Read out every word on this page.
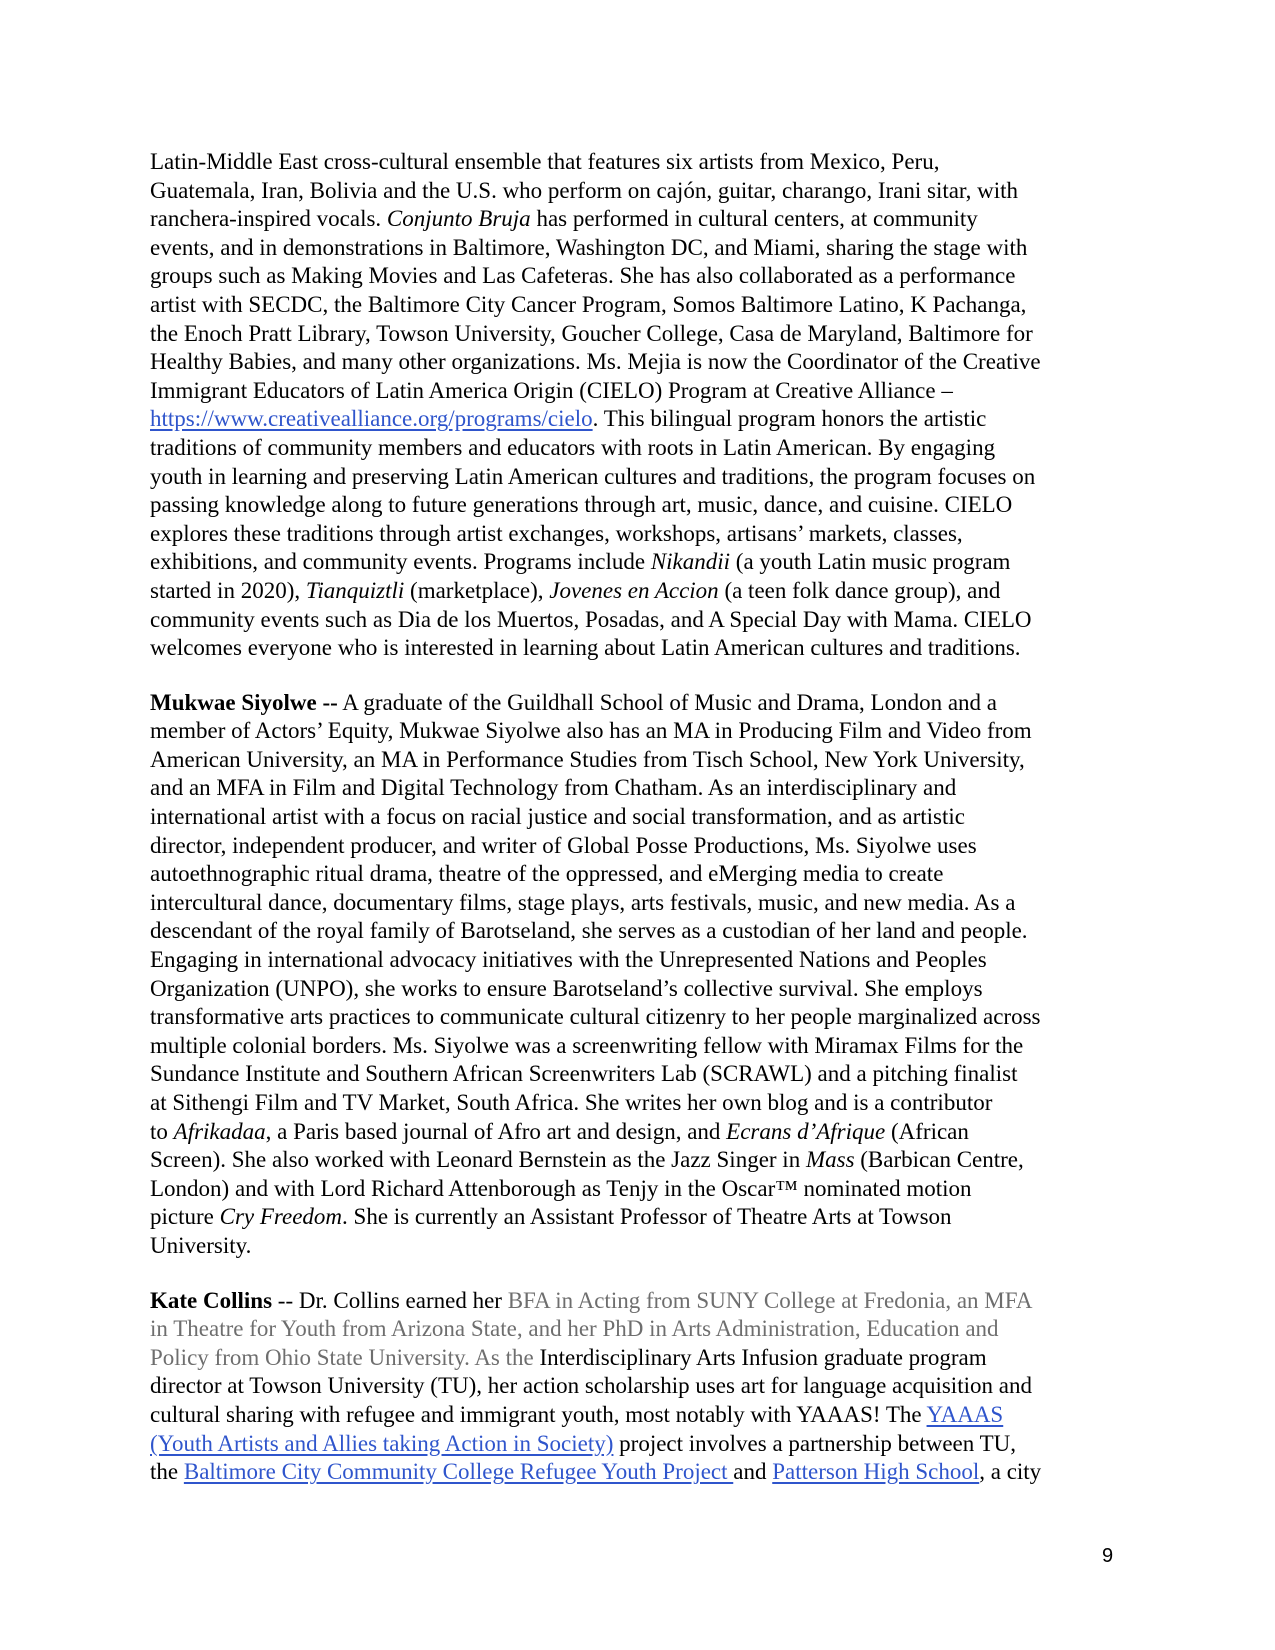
Latin-Middle East cross-cultural ensemble that features six artists from Mexico, Peru,
Guatemala, Iran, Bolivia and the U.S. who perform on cajón, guitar, charango, Irani sitar, with
ranchera-inspired vocals. Conjunto Bruja has performed in cultural centers, at community
events, and in demonstrations in Baltimore, Washington DC, and Miami, sharing the stage with
groups such as Making Movies and Las Cafeteras. She has also collaborated as a performance
artist with SECDC, the Baltimore City Cancer Program, Somos Baltimore Latino, K Pachanga,
the Enoch Pratt Library, Towson University, Goucher College, Casa de Maryland, Baltimore for
Healthy Babies, and many other organizations. Ms. Mejia is now the Coordinator of the Creative
Immigrant Educators of Latin America Origin (CIELO) Program at Creative Alliance –
https://www.creativealliance.org/programs/cielo. This bilingual program honors the artistic
traditions of community members and educators with roots in Latin American. By engaging
youth in learning and preserving Latin American cultures and traditions, the program focuses on
passing knowledge along to future generations through art, music, dance, and cuisine. CIELO
explores these traditions through artist exchanges, workshops, artisans’ markets, classes,
exhibitions, and community events. Programs include Nikandii (a youth Latin music program
started in 2020), Tianquiztli (marketplace), Jovenes en Accion (a teen folk dance group), and
community events such as Dia de los Muertos, Posadas, and A Special Day with Mama. CIELO
welcomes everyone who is interested in learning about Latin American cultures and traditions.

Mukwae Siyolwe -- A graduate of the Guildhall School of Music and Drama, London and a
member of Actors’ Equity, Mukwae Siyolwe also has an MA in Producing Film and Video from
American University, an MA in Performance Studies from Tisch School, New York University,
and an MFA in Film and Digital Technology from Chatham. As an interdisciplinary and
international artist with a focus on racial justice and social transformation, and as artistic
director, independent producer, and writer of Global Posse Productions, Ms. Siyolwe uses
autoethnographic ritual drama, theatre of the oppressed, and eMerging media to create
intercultural dance, documentary films, stage plays, arts festivals, music, and new media. As a
descendant of the royal family of Barotseland, she serves as a custodian of her land and people.
Engaging in international advocacy initiatives with the Unrepresented Nations and Peoples
Organization (UNPO), she works to ensure Barotseland’s collective survival. She employs
transformative arts practices to communicate cultural citizenry to her people marginalized across
multiple colonial borders. Ms. Siyolwe was a screenwriting fellow with Miramax Films for the
Sundance Institute and Southern African Screenwriters Lab (SCRAWL) and a pitching finalist
at Sithengi Film and TV Market, South Africa. She writes her own blog and is a contributor
to Afrikadaa, a Paris based journal of Afro art and design, and Ecrans d’Afrique (African
Screen). She also worked with Leonard Bernstein as the Jazz Singer in Mass (Barbican Centre,
London) and with Lord Richard Attenborough as Tenjy in the Oscar™ nominated motion
picture Cry Freedom. She is currently an Assistant Professor of Theatre Arts at Towson
University.

Kate Collins -- Dr. Collins earned her BFA in Acting from SUNY College at Fredonia, an MFA
in Theatre for Youth from Arizona State, and her PhD in Arts Administration, Education and
Policy from Ohio State University. As the Interdisciplinary Arts Infusion graduate program
director at Towson University (TU), her action scholarship uses art for language acquisition and
cultural sharing with refugee and immigrant youth, most notably with YAAAS! The YAAAS
(Youth Artists and Allies taking Action in Society) project involves a partnership between TU,
the Baltimore City Community College Refugee Youth Project and Patterson High School, a city

9
